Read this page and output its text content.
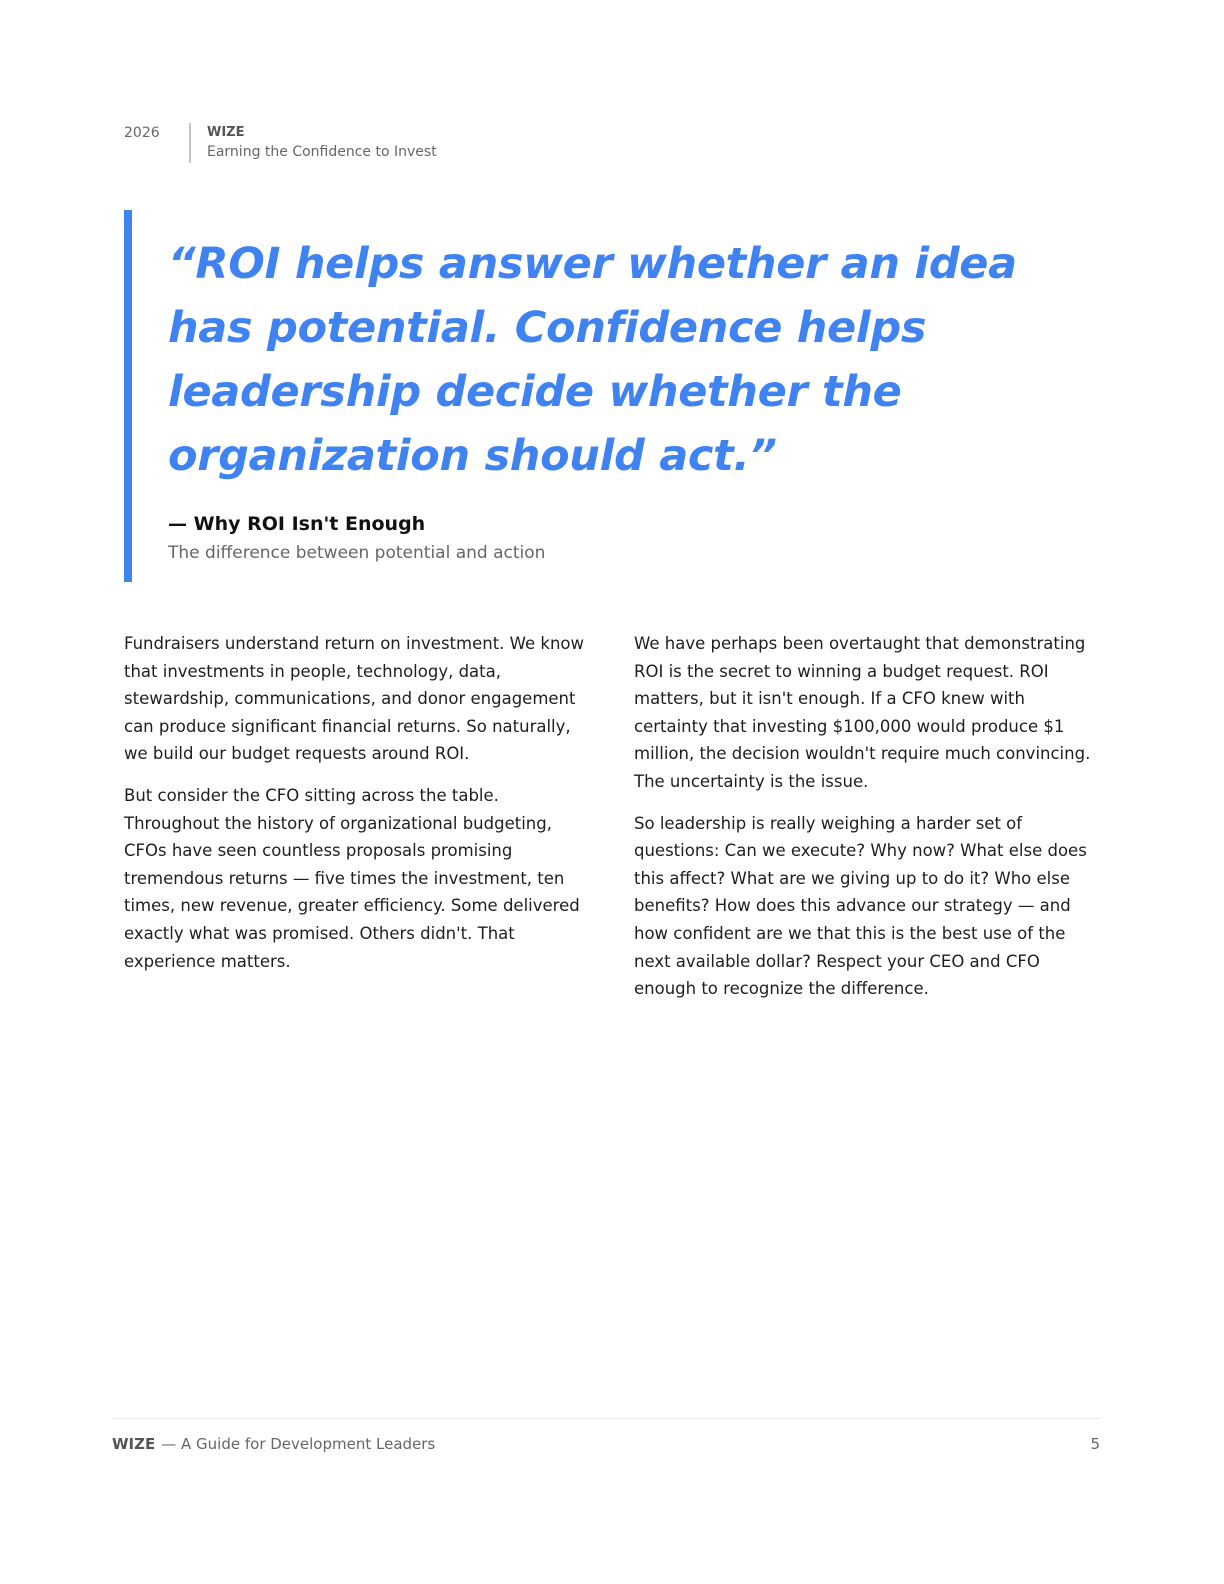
2026	WIZE
Earning the Confidence to Invest

“ROI helps answer whether an idea has potential. Confidence helps leadership decide whether the organization should act.”

— Why ROI Isn't Enough
The difference between potential and action

Fundraisers understand return on investment. We know that investments in people, technology, data, stewardship, communications, and donor engagement can produce significant financial returns. So naturally, we build our budget requests around ROI.

But consider the CFO sitting across the table. Throughout the history of organizational budgeting, CFOs have seen countless proposals promising tremendous returns — five times the investment, ten times, new revenue, greater efficiency. Some delivered exactly what was promised. Others didn't. That experience matters.

We have perhaps been overtaught that demonstrating ROI is the secret to winning a budget request. ROI matters, but it isn't enough. If a CFO knew with certainty that investing $100,000 would produce $1 million, the decision wouldn't require much convincing. The uncertainty is the issue.

So leadership is really weighing a harder set of questions: Can we execute? Why now? What else does this affect? What are we giving up to do it? Who else benefits? How does this advance our strategy — and how confident are we that this is the best use of the next available dollar? Respect your CEO and CFO enough to recognize the difference.

WIZE — A Guide for Development Leaders	5
